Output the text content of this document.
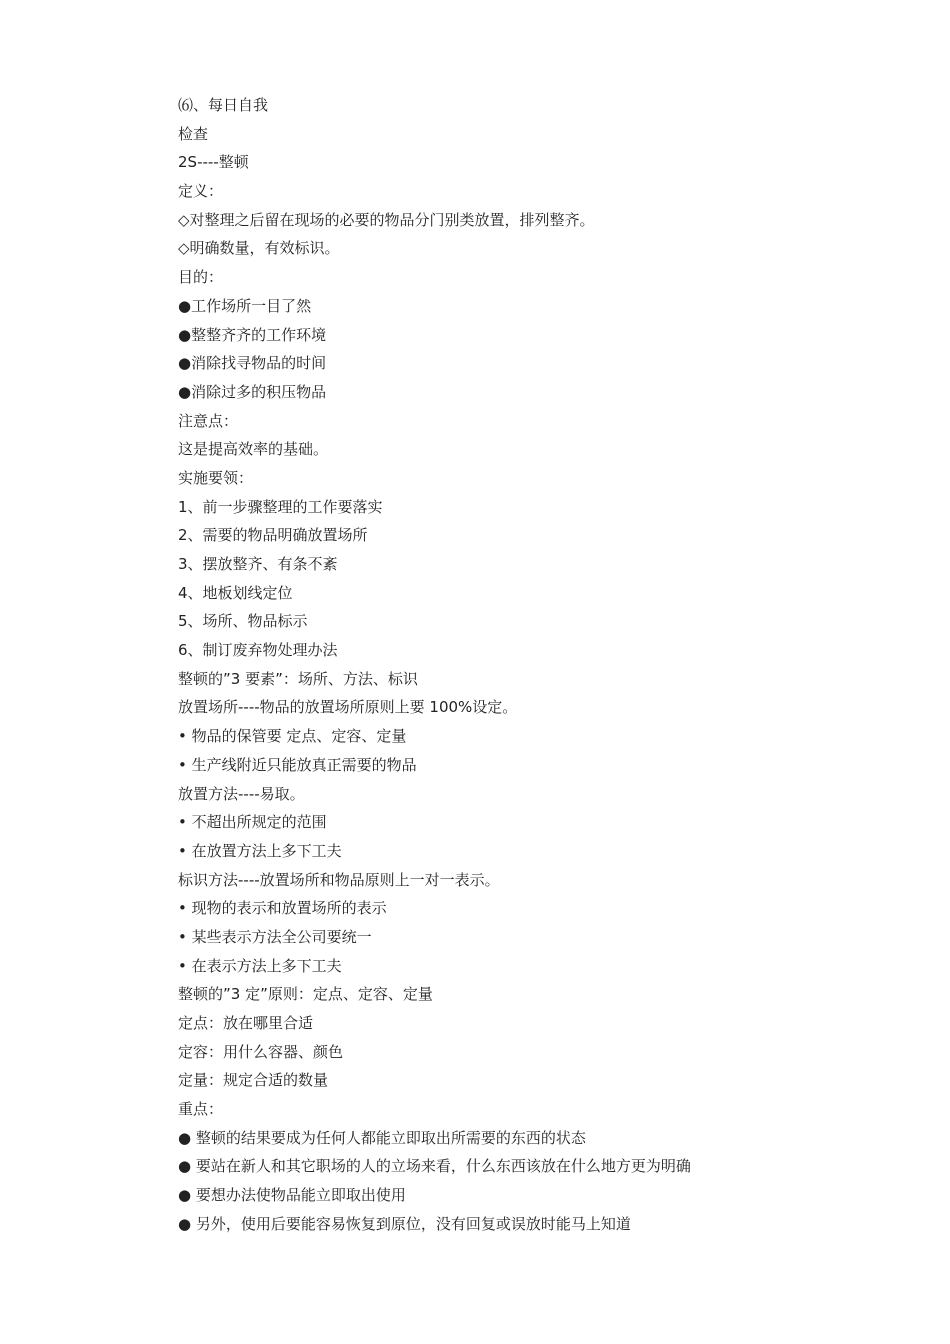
⑹、每日自我
检查
2S----整顿
定义：
◇对整理之后留在现场的必要的物品分门别类放置，排列整齐。
◇明确数量，有效标识。
目的：
●工作场所一目了然
●整整齐齐的工作环境
●消除找寻物品的时间
●消除过多的积压物品
注意点：
这是提高效率的基础。
实施要领：
1、前一步骤整理的工作要落实
2、需要的物品明确放置场所
3、摆放整齐、有条不紊
4、地板划线定位
5、场所、物品标示
6、制订废弃物处理办法
整顿的”3 要素”：场所、方法、标识
放置场所----物品的放置场所原则上要 100%设定。
• 物品的保管要 定点、定容、定量
• 生产线附近只能放真正需要的物品
放置方法----易取。
• 不超出所规定的范围
• 在放置方法上多下工夫
标识方法----放置场所和物品原则上一对一表示。
• 现物的表示和放置场所的表示
• 某些表示方法全公司要统一
• 在表示方法上多下工夫
整顿的”3 定”原则：定点、定容、定量
定点：放在哪里合适
定容：用什么容器、颜色
定量：规定合适的数量
重点：
● 整顿的结果要成为任何人都能立即取出所需要的东西的状态
● 要站在新人和其它职场的人的立场来看，什么东西该放在什么地方更为明确
● 要想办法使物品能立即取出使用
● 另外，使用后要能容易恢复到原位，没有回复或误放时能马上知道
